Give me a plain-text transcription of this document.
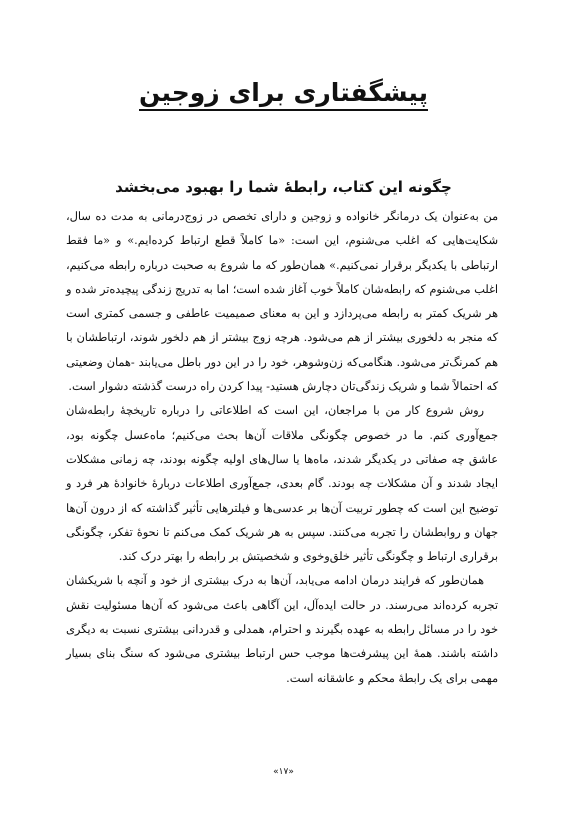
پیشگفتاری برای زوجین
چگونه این کتاب، رابطهٔ شما را بهبود می‌بخشد

من به‌عنوان یک درمانگر خانواده و زوجین و دارای تخصص در زوج‌درمانی به مدت ده سال، شکایت‌هایی که اغلب می‌شنوم، این است: «ما کاملاً قطع ارتباط کرده‌ایم.» و «ما فقط ارتباطی با یکدیگر برقرار نمی‌کنیم.» همان‌طور که ما شروع به صحبت درباره رابطه می‌کنیم، اغلب می‌شنوم که رابطه‌شان کاملاً خوب آغاز شده است؛ اما به تدریج زندگی پیچیده‌تر شده و هر شریک کمتر به رابطه می‌پردازد و این به معنای صمیمیت عاطفی و جسمی کمتری است که منجر به دلخوری بیشتر از هم می‌شود. هرچه زوج بیشتر از هم دلخور شوند، ارتباطشان با هم کمرنگ‌تر می‌شود. هنگامی‌که زن‌وشوهر، خود را در این دور باطل می‌یابند -همان وضعیتی که احتمالاً شما و شریک زندگی‌تان دچارش هستید- پیدا کردن راه درست گذشته دشوار است.

روش شروع کار من با مراجعان، این است که اطلاعاتی را درباره تاریخچهٔ رابطه‌شان جمع‌آوری کنم. ما در خصوص چگونگی ملاقات آن‌ها بحث می‌کنیم؛ ماه‌عسل چگونه بود، عاشق چه صفاتی در یکدیگر شدند، ماه‌ها یا سال‌های اولیه چگونه بودند، چه زمانی مشکلات ایجاد شدند و آن مشکلات چه بودند. گام بعدی، جمع‌آوری اطلاعات دربارهٔ خانوادهٔ هر فرد و توضیح این است که چطور تربیت آن‌ها بر عدسی‌ها و فیلترهایی تأثیر گذاشته که از درون آن‌ها جهان و روابطشان را تجربه می‌کنند. سپس به هر شریک کمک می‌کنم تا نحوهٔ تفکر، چگونگی برقراری ارتباط و چگونگی تأثیر خلق‌وخوی و شخصیتش بر رابطه را بهتر درک کند.

همان‌طور که فرایند درمان ادامه می‌یابد، آن‌ها به درک بیشتری از خود و آنچه با شریکشان تجربه کرده‌اند می‌رسند. در حالت ایده‌آل، این آگاهی باعث می‌شود که آن‌ها مسئولیت نقش خود را در مسائل رابطه به عهده بگیرند و احترام، همدلی و قدردانی بیشتری نسبت به دیگری داشته باشند. همهٔ این پیشرفت‌ها موجب حس ارتباط بیشتری می‌شود که سنگ بنای بسیار مهمی برای یک رابطهٔ محکم و عاشقانه است.

«۱۷»
